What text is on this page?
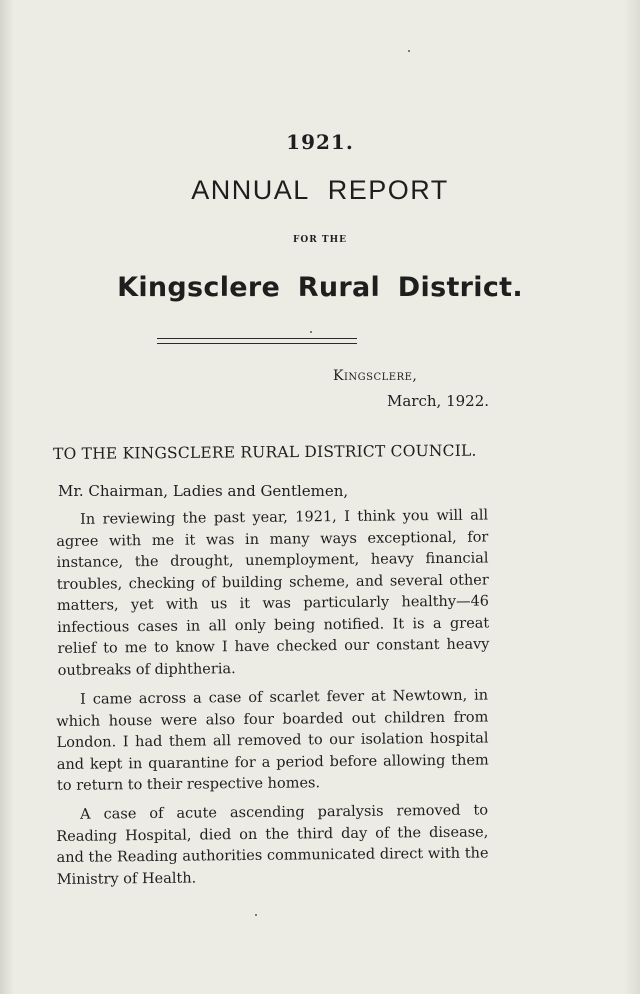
1921.
ANNUAL REPORT
FOR THE
Kingsclere Rural District.
Kingsclere,
March, 1922.
TO THE KINGSCLERE RURAL DISTRICT COUNCIL.
Mr. Chairman, Ladies and Gentlemen,

In reviewing the past year, 1921, I think you will all agree with me it was in many ways exceptional, for instance, the drought, unemployment, heavy financial troubles, checking of building scheme, and several other matters, yet with us it was particularly healthy—46 infectious cases in all only being notified. It is a great relief to me to know I have checked our constant heavy outbreaks of diphtheria.

I came across a case of scarlet fever at Newtown, in which house were also four boarded out children from London. I had them all removed to our isolation hospital and kept in quarantine for a period before allowing them to return to their respective homes.

A case of acute ascending paralysis removed to Reading Hospital, died on the third day of the disease, and the Reading authorities communicated direct with the Ministry of Health.
